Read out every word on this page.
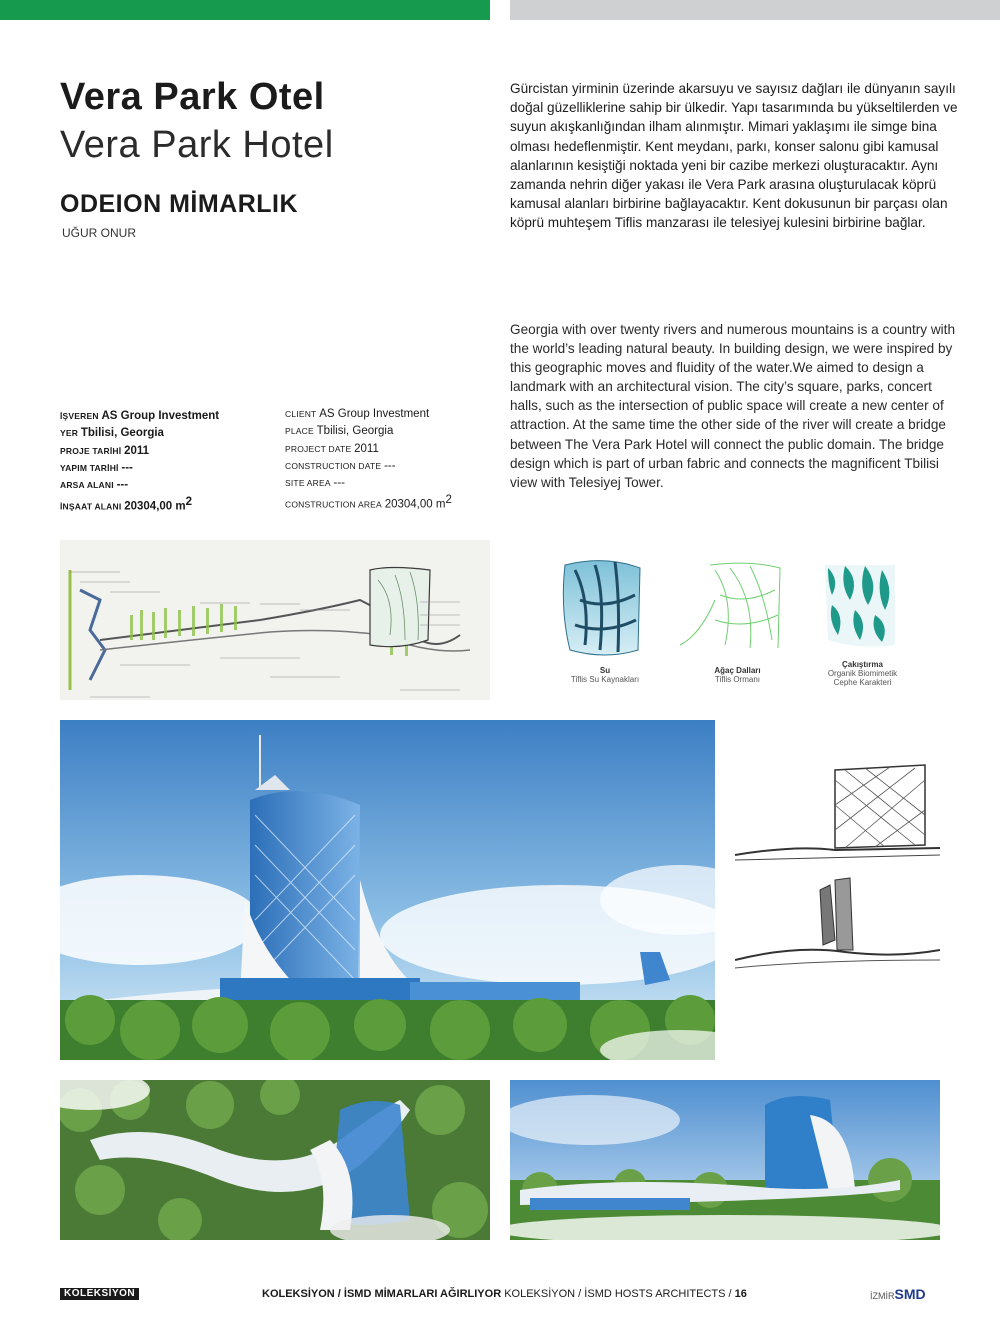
Vera Park Otel
Vera Park Hotel
ODEION MİMARLIK
UĞUR ONUR
Gürcistan yirminin üzerinde akarsuyu ve sayısız dağları ile dünyanın sayılı doğal güzelliklerine sahip bir ülkedir. Yapı tasarımında bu yükseltilerden ve suyun akışkanlığından ilham alınmıştır. Mimari yaklaşımı ile simge bina olması hedeflenmiştir. Kent meydanı, parkı, konser salonu gibi kamusal alanlarının kesiştiği noktada yeni bir cazibe merkezi oluşturacaktır. Aynı zamanda nehrin diğer yakası ile Vera Park arasına oluşturulacak köprü kamusal alanları birbirine bağlayacaktır. Kent dokusunun bir parçası olan köprü muhteşem Tiflis manzarası ile telesiyej kulesini birbirine bağlar.
Georgia with over twenty rivers and numerous mountains is a country with the world’s leading natural beauty. In building design, we were inspired by this geographic moves and fluidity of the water.We aimed to design a landmark with an architectural vision. The city’s square, parks, concert halls, such as the intersection of public space will create a new center of attraction. At the same time the other side of the river will create a bridge between The Vera Park Hotel will connect the public domain. The bridge design which is part of urban fabric and connects the magnificent Tbilisi view with Telesiyej Tower.
İŞVEREN AS Group Investment
YER Tbilisi, Georgia
PROJE TARİHİ 2011
YAPIM TARİHİ ---
ARSA ALANI ---
İNŞAAT ALANI 20304,00 $m^2$
CLIENT AS Group Investment
PLACE Tbilisi, Georgia
PROJECT DATE 2011
CONSTRUCTION DATE ---
SITE AREA ---
CONSTRUCTION AREA 20304,00 $m^2$
Su
Tiflis Su Kaynakları
Ağaç Dalları
Tiflis Ormanı
Çakıştırma
Organik Biomimetik
Cephe Karakteri
KOLEKSİYON	KOLEKSİYON / İSMD MİMARLARI AĞIRLIYOR KOLEKSİYON / İSMD HOSTS ARCHITECTS / 16	İZMİRSMD
